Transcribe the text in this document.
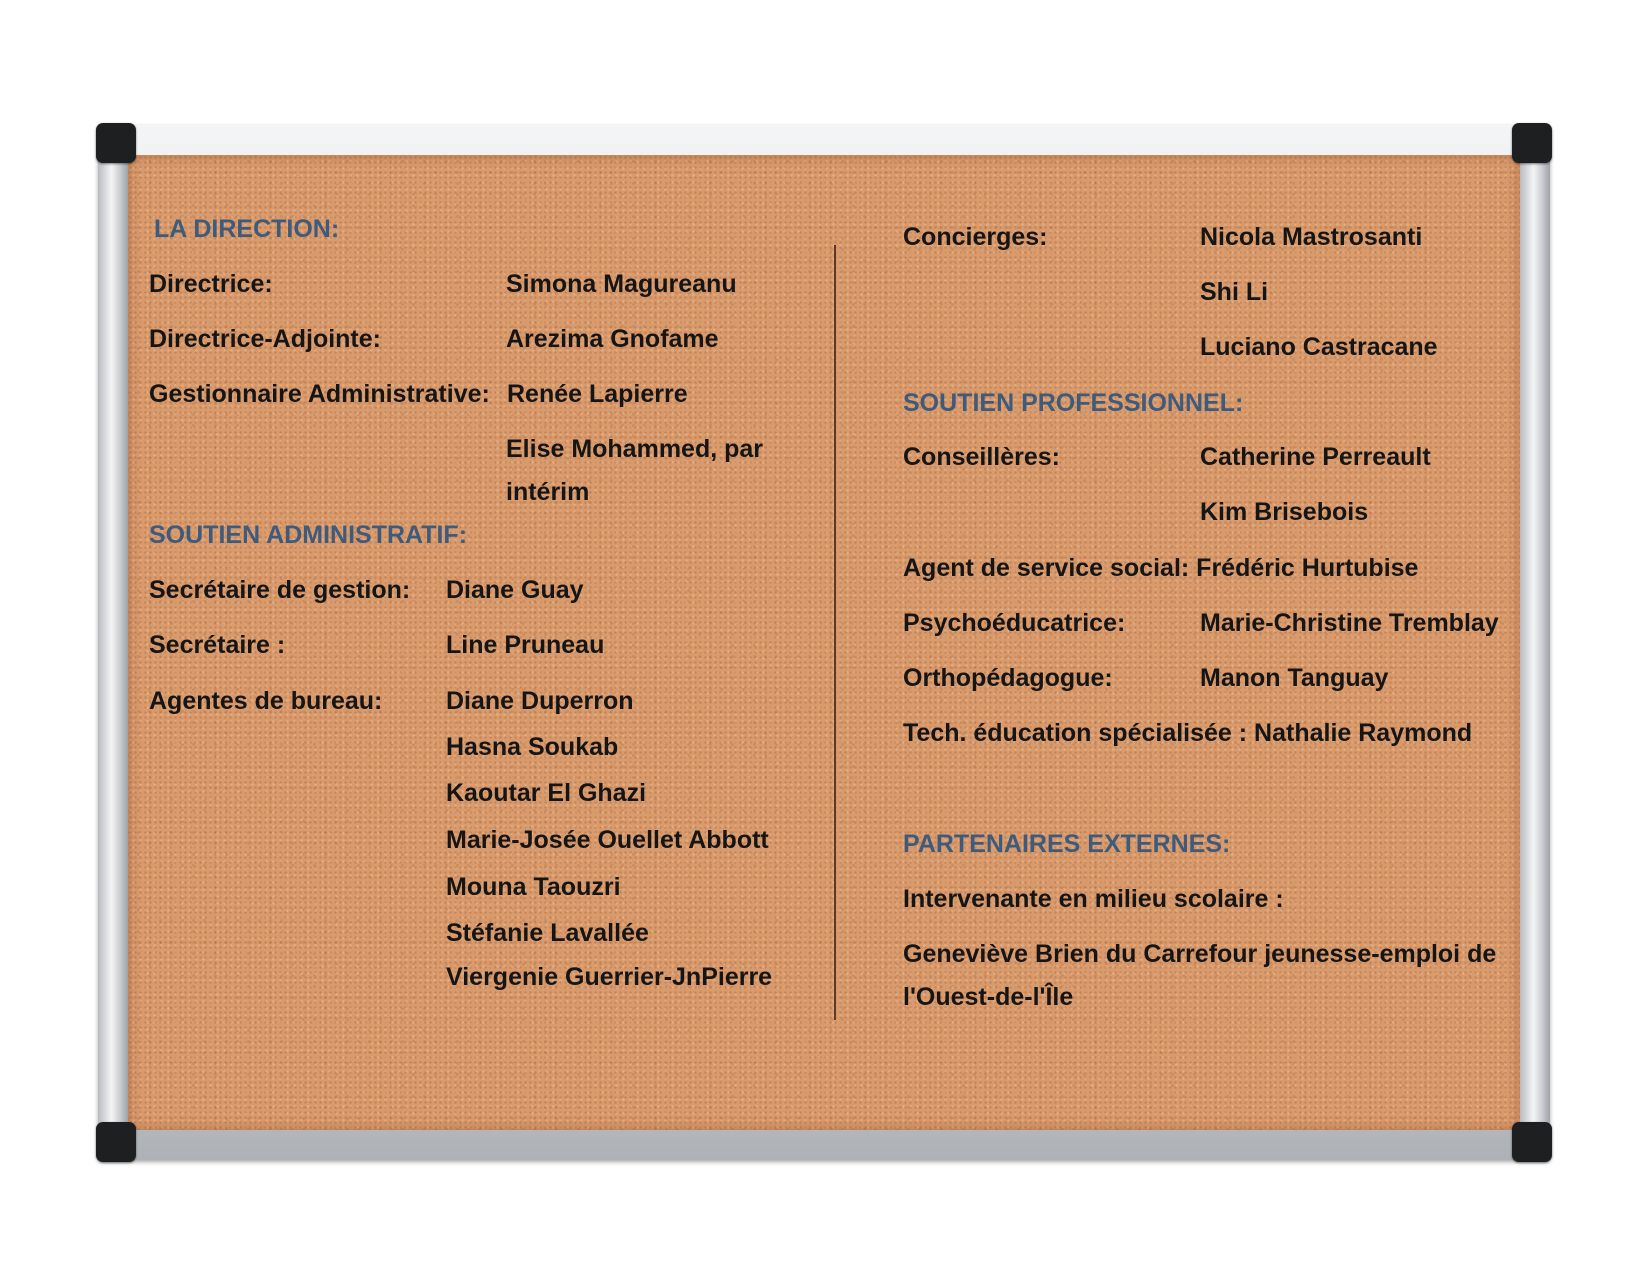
LA DIRECTION:
Directrice:	Simona Magureanu
Directrice-Adjointe:	Arezima Gnofame
Gestionnaire Administrative: Renée Lapierre
Elise Mohammed, par
intérim
SOUTIEN ADMINISTRATIF:
Secrétaire de gestion: Diane Guay
Secrétaire :	Line Pruneau
Agentes de bureau:	Diane Duperron
Hasna Soukab
Kaoutar El Ghazi
Marie-Josée Ouellet Abbott
Mouna Taouzri
Stéfanie Lavallée
Viergenie Guerrier-JnPierre
Concierges:	Nicola Mastrosanti
Shi Li
Luciano Castracane
SOUTIEN PROFESSIONNEL:
Conseillères:	Catherine Perreault
Kim Brisebois
Agent de service social: Frédéric Hurtubise
Psychoéducatrice:	Marie-Christine Tremblay
Orthopédagogue:	Manon Tanguay
Tech. éducation spécialisée : Nathalie Raymond
PARTENAIRES EXTERNES:
Intervenante en milieu scolaire :
Geneviève Brien du Carrefour jeunesse-emploi de
l'Ouest-de-l'Île
